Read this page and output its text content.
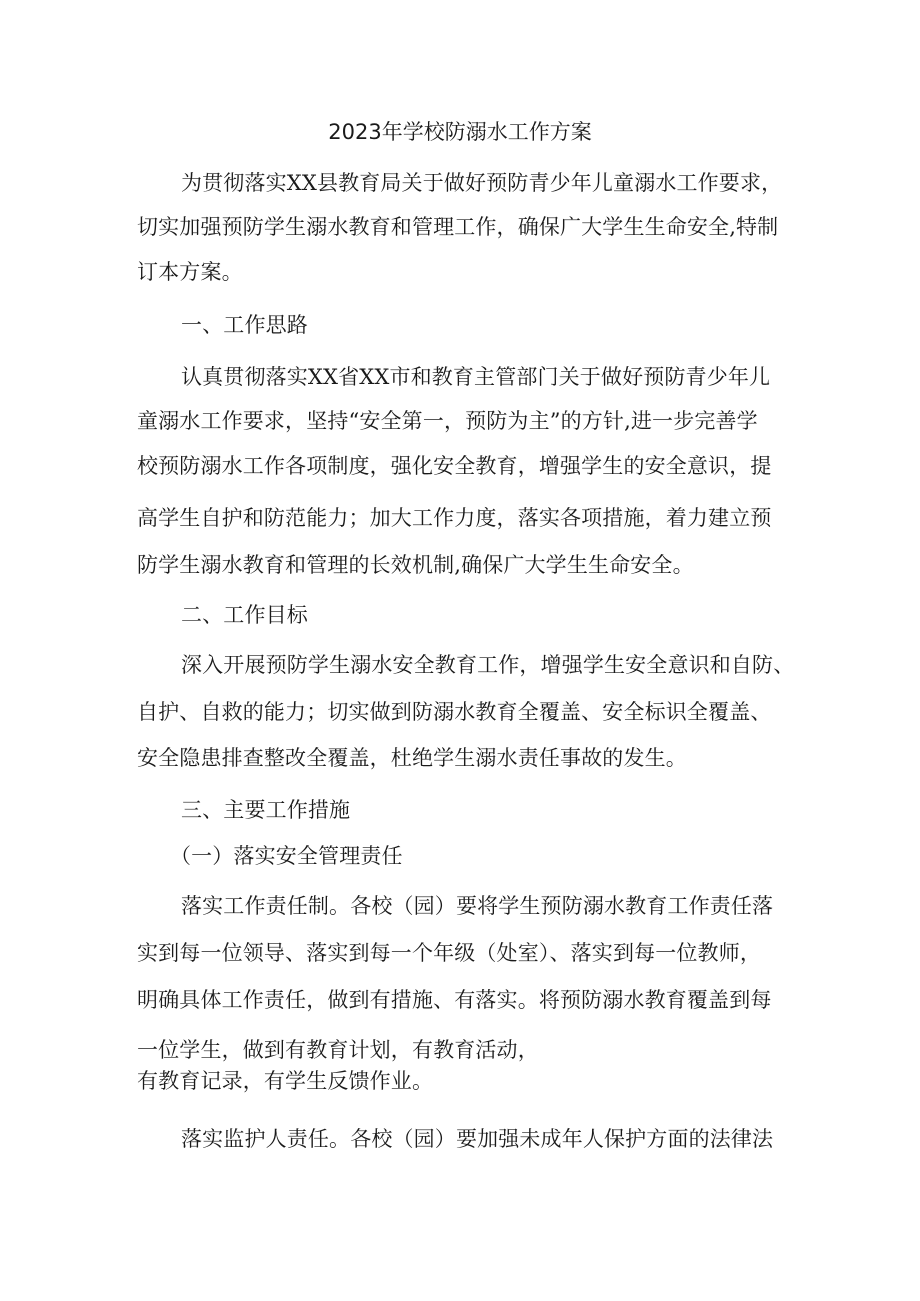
2023年学校防溺水工作方案
为贯彻落实XX县教育局关于做好预防青少年儿童溺水工作要求，
切实加强预防学生溺水教育和管理工作，确保广大学生生命安全,特制
订本方案。
一、工作思路
认真贯彻落实XX省XX市和教育主管部门关于做好预防青少年儿
童溺水工作要求，坚持“安全第一，预防为主”的方针,进一步完善学
校预防溺水工作各项制度，强化安全教育，增强学生的安全意识，提
高学生自护和防范能力；加大工作力度，落实各项措施，着力建立预
防学生溺水教育和管理的长效机制,确保广大学生生命安全。
二、工作目标
深入开展预防学生溺水安全教育工作，增强学生安全意识和自防、
自护、自救的能力；切实做到防溺水教育全覆盖、安全标识全覆盖、
安全隐患排查整改全覆盖，杜绝学生溺水责任事故的发生。
三、主要工作措施
（一）落实安全管理责任
落实工作责任制。各校（园）要将学生预防溺水教育工作责任落
实到每一位领导、落实到每一个年级（处室）、落实到每一位教师，
明确具体工作责任，做到有措施、有落实。将预防溺水教育覆盖到每
一位学生，做到有教育计划，有教育活动，
有教育记录，有学生反馈作业。
落实监护人责任。各校（园）要加强未成年人保护方面的法律法
